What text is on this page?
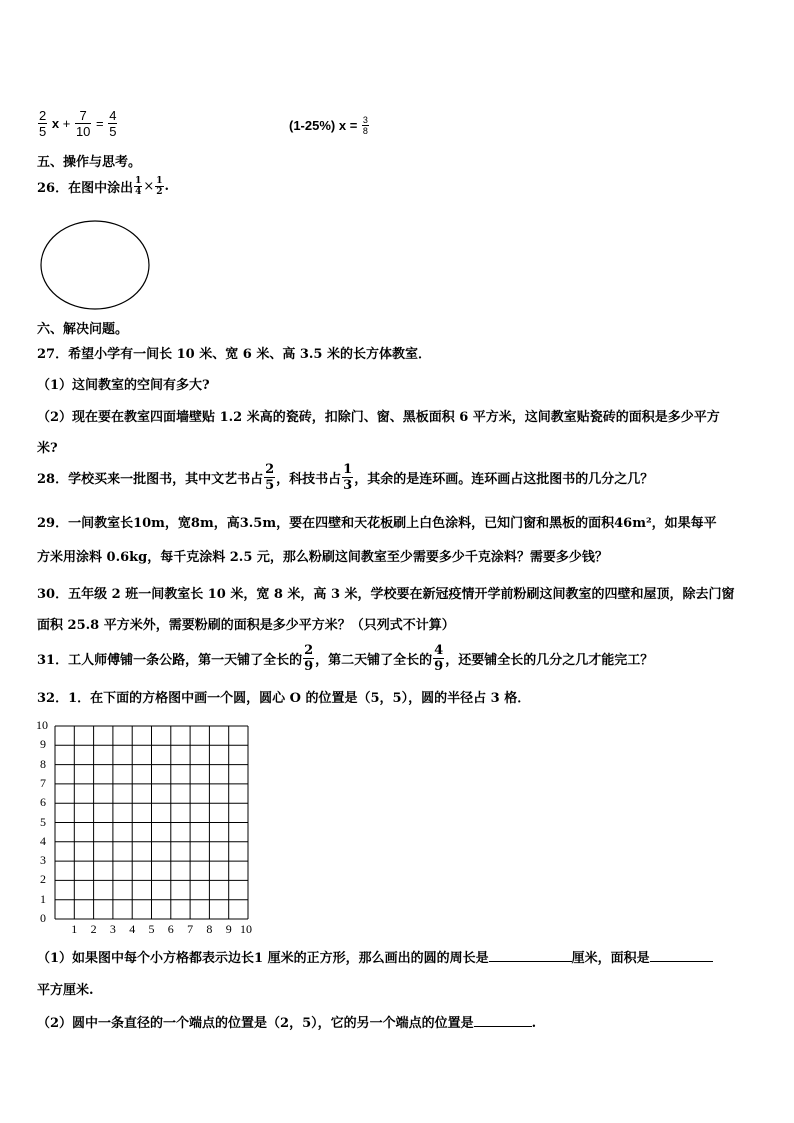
$\frac{2}{5}$ $x + \frac{7}{10} = \frac{4}{5}$	(1-25%) $x = \frac{3}{8}$
五、操作与思考。
26．在图中涂出 $\frac{1}{4} \times \frac{1}{2}$ .
六、解决问题。
27．希望小学有一间长 10 米、宽 6 米、高 3.5 米的长方体教室．
（1）这间教室的空间有多大?
（2）现在要在教室四面墙壁贴 1.2 米高的瓷砖，扣除门、窗、黑板面积 6 平方米，这间教室贴瓷砖的面积是多少平方
米?
28．学校买来一批图书，其中文艺书占 $\frac{2}{5}$ ，科技书占 $\frac{1}{3}$ ，其余的是连环画。连环画占这批图书的几分之几？
29．一间教室长10m，宽8m，高3.5m，要在四壁和天花板刷上白色涂料，已知门窗和黑板的面积46m²，如果每平
方米用涂料 0.6kg，每千克涂料 2.5 元，那么粉刷这间教室至少需要多少千克涂料？需要多少钱？
30．五年级 2 班一间教室长 10 米，宽 8 米，高 3 米，学校要在新冠疫情开学前粉刷这间教室的四壁和屋顶，除去门窗
面积 25.8 平方米外，需要粉刷的面积是多少平方米？（只列式不计算）
31．工人师傅铺一条公路，第一天铺了全长的 $\frac{2}{9}$ ，第二天铺了全长的 $\frac{4}{9}$ ，还要铺全长的几分之几才能完工？
32．1．在下面的方格图中画一个圆，圆心 O 的位置是（5，5），圆的半径占 3 格．
0
1
2
3
4
5
6
7
8
9
10
1 2 3 4 5 6 7 8 9 10
（1）如果图中每个小方格都表示边长1 厘米的正方形，那么画出的圆的周长是	厘米，面积是
平方厘米.
（2）圆中一条直径的一个端点的位置是（2，5），它的另一个端点的位置是	.
